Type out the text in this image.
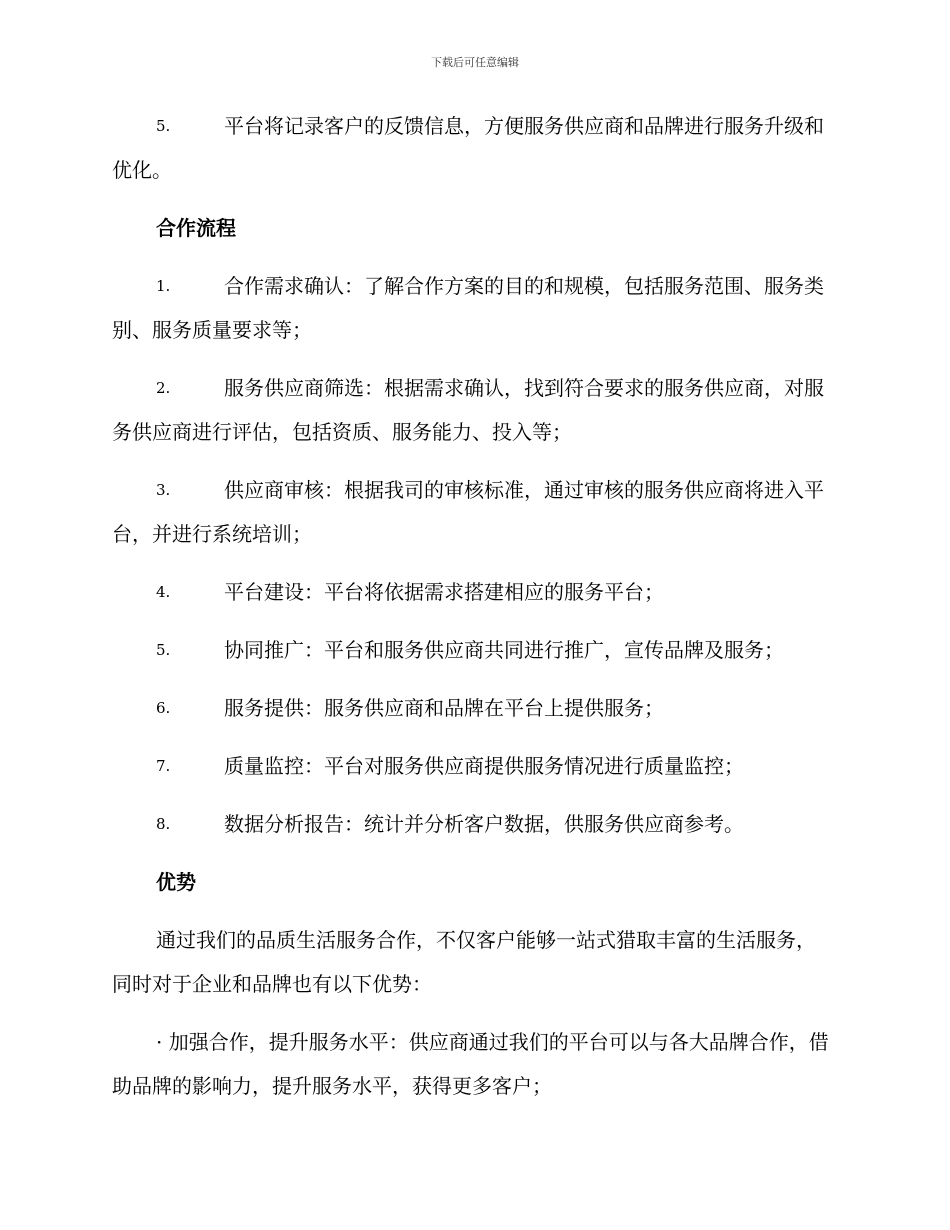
下载后可任意编辑
5.	平台将记录客户的反馈信息，方便服务供应商和品牌进行服务升级和优化。
合作流程
1.	合作需求确认：了解合作方案的目的和规模，包括服务范围、服务类别、服务质量要求等；
2.	服务供应商筛选：根据需求确认，找到符合要求的服务供应商，对服务供应商进行评估，包括资质、服务能力、投入等；
3.	供应商审核：根据我司的审核标准，通过审核的服务供应商将进入平台，并进行系统培训；
4.	平台建设：平台将依据需求搭建相应的服务平台；
5.	协同推广：平台和服务供应商共同进行推广，宣传品牌及服务；
6.	服务提供：服务供应商和品牌在平台上提供服务；
7.	质量监控：平台对服务供应商提供服务情况进行质量监控；
8.	数据分析报告：统计并分析客户数据，供服务供应商参考。
优势
通过我们的品质生活服务合作，不仅客户能够一站式猎取丰富的生活服务，同时对于企业和品牌也有以下优势：
· 加强合作，提升服务水平：供应商通过我们的平台可以与各大品牌合作，借助品牌的影响力，提升服务水平，获得更多客户；
